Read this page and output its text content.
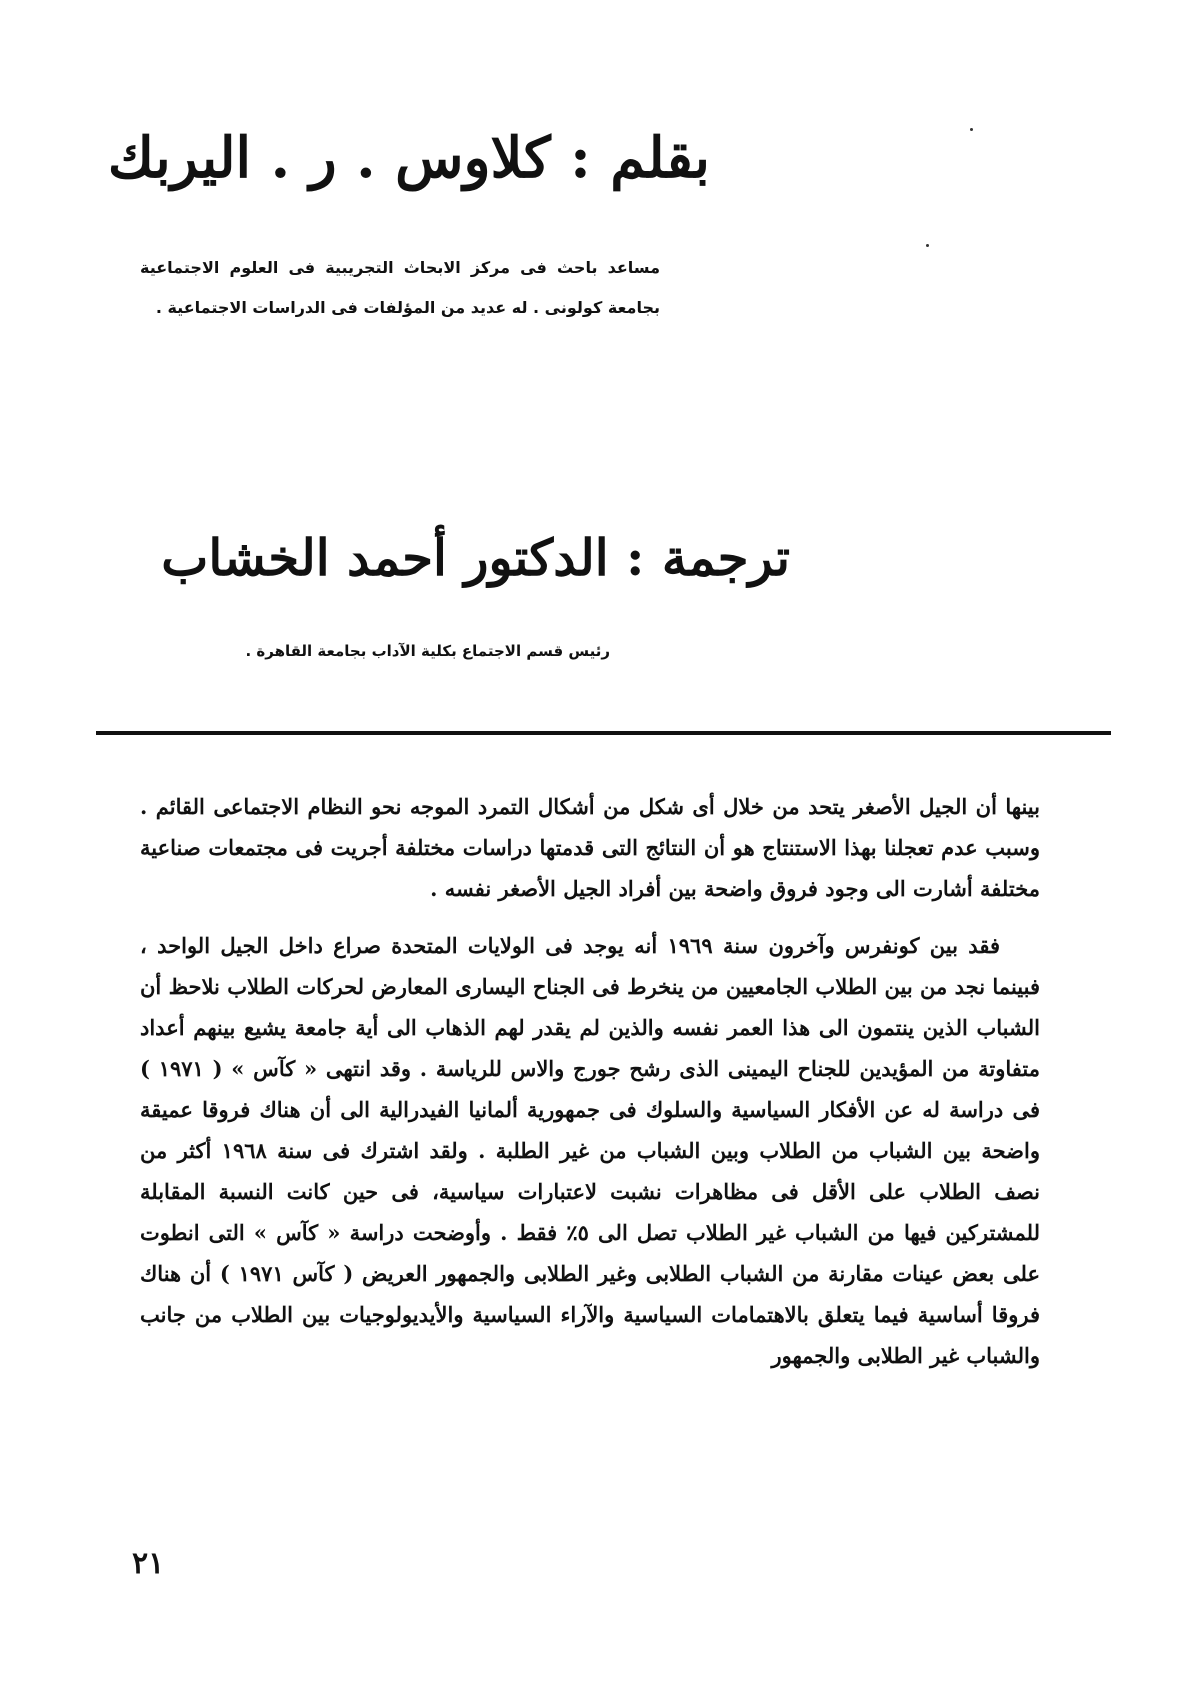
بقلم : كلاوس . ر . اليربك
مساعد باحث فى مركز الابحاث التجريبية فى العلوم الاجتماعية بجامعة كولونى . له عديد من المؤلفات فى الدراسات الاجتماعية .
ترجمة : الدكتور أحمد الخشاب
رئيس قسم الاجتماع بكلية الآداب بجامعة القاهرة .

بينها أن الجيل الأصغر يتحد من خلال أى شكل من أشكال التمرد الموجه نحو النظام الاجتماعى القائم . وسبب عدم تعجلنا بهذا الاستنتاج هو أن النتائج التى قدمتها دراسات مختلفة أجريت فى مجتمعات صناعية مختلفة أشارت الى وجود فروق واضحة بين أفراد الجيل الأصغر نفسه .

فقد بين كونفرس وآخرون سنة ١٩٦٩ أنه يوجد فى الولايات المتحدة صراع داخل الجيل الواحد ، فبينما نجد من بين الطلاب الجامعيين من ينخرط فى الجناح اليسارى المعارض لحركات الطلاب نلاحظ أن الشباب الذين ينتمون الى هذا العمر نفسه والذين لم يقدر لهم الذهاب الى أية جامعة يشيع بينهم أعداد متفاوتة من المؤيدين للجناح اليمينى الذى رشح جورج والاس للرياسة . وقد انتهى « كآس » ( ١٩٧١ ) فى دراسة له عن الأفكار السياسية والسلوك فى جمهورية ألمانيا الفيدرالية الى أن هناك فروقا عميقة واضحة بين الشباب من الطلاب وبين الشباب من غير الطلبة . ولقد اشترك فى سنة ١٩٦٨ أكثر من نصف الطلاب على الأقل فى مظاهرات نشبت لاعتبارات سياسية، فى حين كانت النسبة المقابلة للمشتركين فيها من الشباب غير الطلاب تصل الى ٥٪ فقط . وأوضحت دراسة « كآس » التى انطوت على بعض عينات مقارنة من الشباب الطلابى وغير الطلابى والجمهور العريض ( كآس ١٩٧١ ) أن هناك فروقا أساسية فيما يتعلق بالاهتمامات السياسية والآراء السياسية والأيديولوجيات بين الطلاب من جانب والشباب غير الطلابى والجمهور

٢١
